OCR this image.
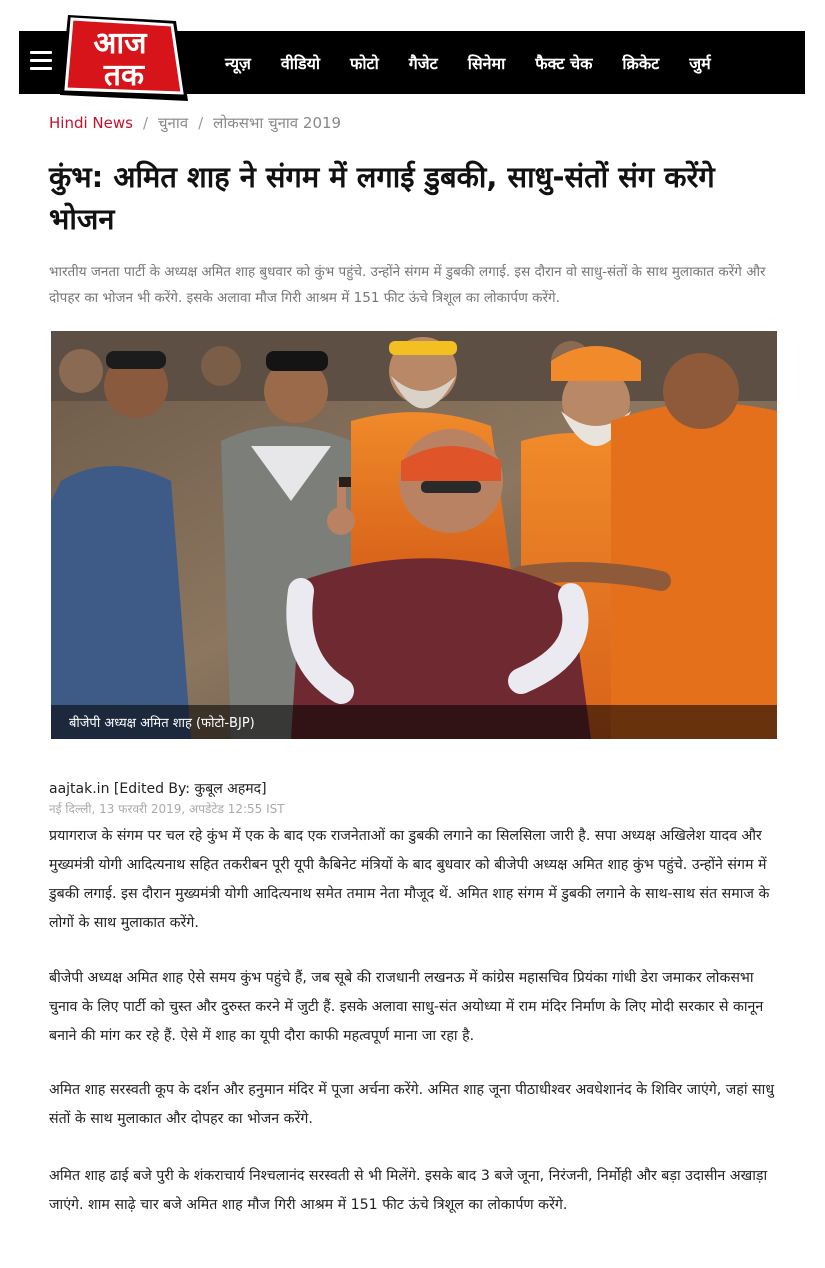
न्यूज़ वीडियो फोटो गैजेट सिनेमा फैक्ट चेक क्रिकेट जुर्म
आज
तक
Hindi News / चुनाव / लोकसभा चुनाव 2019
कुंभ: अमित शाह ने संगम में लगाई डुबकी, साधु-संतों संग करेंगे भोजन

भारतीय जनता पार्टी के अध्यक्ष अमित शाह बुधवार को कुंभ पहुंचे. उन्होंने संगम में डुबकी लगाई. इस दौरान वो साधु-संतों के साथ मुलाकात करेंगे और दोपहर का भोजन भी करेंगे. इसके अलावा मौज गिरी आश्रम में 151 फीट ऊंचे त्रिशूल का लोकार्पण करेंगे.

बीजेपी अध्यक्ष अमित शाह (फोटो-BJP)
aajtak.in [Edited By: कुबूल अहमद]
नई दिल्ली, 13 फरवरी 2019, अपडेटेड 12:55 IST

प्रयागराज के संगम पर चल रहे कुंभ में एक के बाद एक राजनेताओं का डुबकी लगाने का सिलसिला जारी है. सपा अध्यक्ष अखिलेश यादव और मुख्यमंत्री योगी आदित्यनाथ सहित तकरीबन पूरी यूपी कैबिनेट मंत्रियों के बाद बुधवार को बीजेपी अध्यक्ष अमित शाह कुंभ पहुंचे. उन्होंने संगम में डुबकी लगाई. इस दौरान मुख्यमंत्री योगी आदित्यनाथ समेत तमाम नेता मौजूद थें. अमित शाह संगम में डुबकी लगाने के साथ-साथ संत समाज के लोगों के साथ मुलाकात करेंगे.

बीजेपी अध्यक्ष अमित शाह ऐसे समय कुंभ पहुंचे हैं, जब सूबे की राजधानी लखनऊ में कांग्रेस महासचिव प्रियंका गांधी डेरा जमाकर लोकसभा चुनाव के लिए पार्टी को चुस्त और दुरुस्त करने में जुटी हैं. इसके अलावा साधु-संत अयोध्या में राम मंदिर निर्माण के लिए मोदी सरकार से कानून बनाने की मांग कर रहे हैं. ऐसे में शाह का यूपी दौरा काफी महत्वपूर्ण माना जा रहा है.

अमित शाह सरस्वती कूप के दर्शन और हनुमान मंदिर में पूजा अर्चना करेंगे. अमित शाह जूना पीठाधीश्वर अवधेशानंद के शिविर जाएंगे, जहां साधु संतों के साथ मुलाकात और दोपहर का भोजन करेंगे.

अमित शाह ढाई बजे पुरी के शंकराचार्य निश्चलानंद सरस्वती से भी मिलेंगे. इसके बाद 3 बजे जूना, निरंजनी, निर्मोही और बड़ा उदासीन अखाड़ा जाएंगे. शाम साढ़े चार बजे अमित शाह मौज गिरी आश्रम में 151 फीट ऊंचे त्रिशूल का लोकार्पण करेंगे.
